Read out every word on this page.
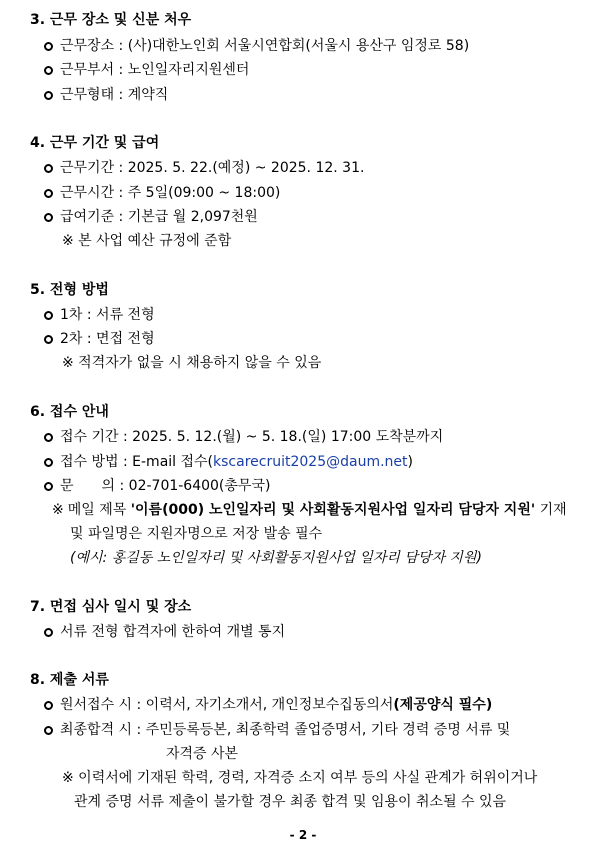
3. 근무 장소 및 신분 처우
근무장소 : (사)대한노인회 서울시연합회(서울시 용산구 임정로 58)
근무부서 : 노인일자리지원센터
근무형태 : 계약직
4. 근무 기간 및 급여
근무기간 : 2025. 5. 22.(예정) ~ 2025. 12. 31.
근무시간 : 주 5일(09:00 ~ 18:00)
급여기준 : 기본급 월 2,097천원
※ 본 사업 예산 규정에 준함
5. 전형 방법
1차 : 서류 전형
2차 : 면접 전형
※ 적격자가 없을 시 채용하지 않을 수 있음
6. 접수 안내
접수 기간 : 2025. 5. 12.(월) ~ 5. 18.(일) 17:00 도착분까지
접수 방법 : E-mail 접수(kscarecruit2025@daum.net)
문　　의 : 02-701-6400(총무국)
※ 메일 제목 '이름(000) 노인일자리 및 사회활동지원사업 일자리 담당자 지원' 기재
및 파일명은 지원자명으로 저장 발송 필수
(예시: 홍길동 노인일자리 및 사회활동지원사업 일자리 담당자 지원)
7. 면접 심사 일시 및 장소
서류 전형 합격자에 한하여 개별 통지
8. 제출 서류
원서접수 시 : 이력서, 자기소개서, 개인정보수집동의서(제공양식 필수)
최종합격 시 : 주민등록등본, 최종학력 졸업증명서, 기타 경력 증명 서류 및
자격증 사본
※ 이력서에 기재된 학력, 경력, 자격증 소지 여부 등의 사실 관계가 허위이거나
관계 증명 서류 제출이 불가할 경우 최종 합격 및 임용이 취소될 수 있음
- 2 -
